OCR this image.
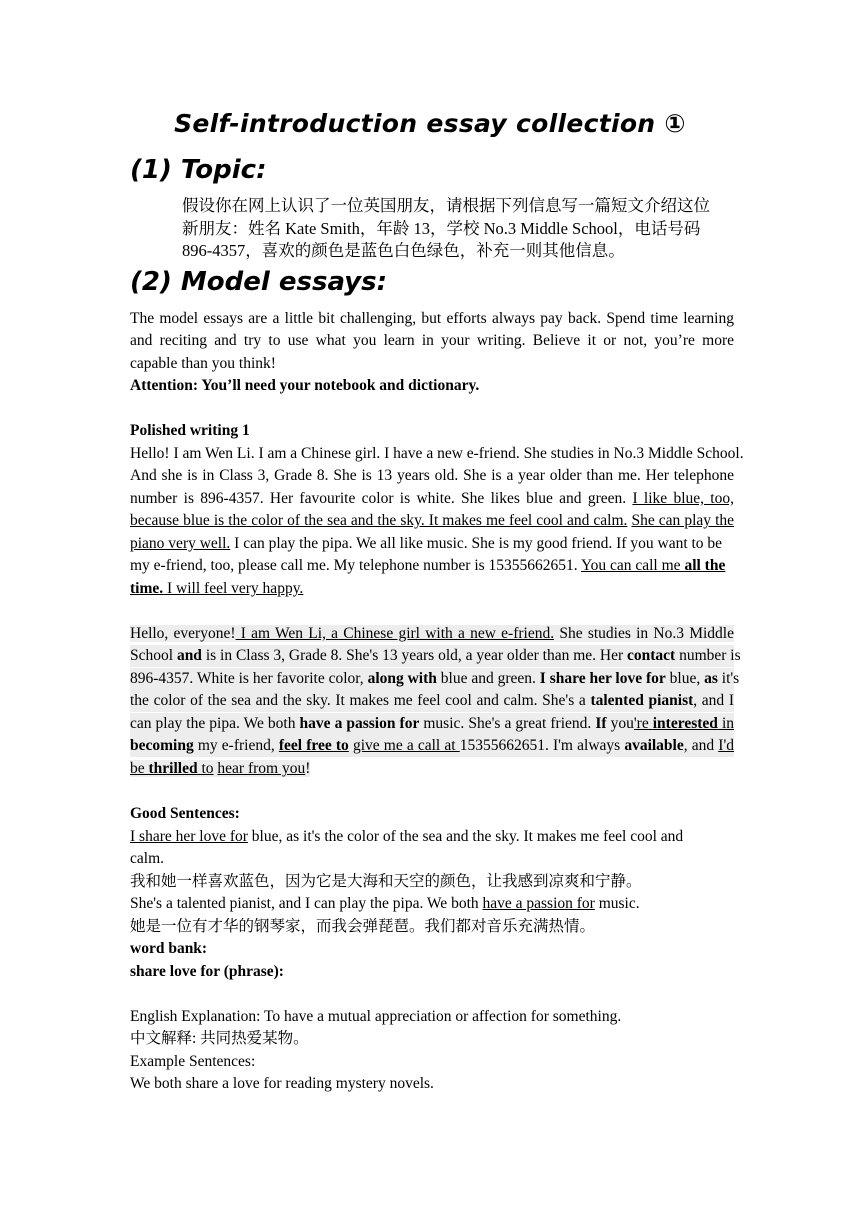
Self-introduction essay collection ①
(1) Topic:
假设你在网上认识了一位英国朋友，请根据下列信息写一篇短文介绍这位
新朋友：姓名 Kate Smith，年龄 13，学校 No.3 Middle School，电话号码
896-4357，喜欢的颜色是蓝色白色绿色，补充一则其他信息。
(2) Model essays:
The model essays are a little bit challenging, but efforts always pay back. Spend time learning
and reciting and try to use what you learn in your writing. Believe it or not, you’re more
capable than you think!
Attention: You’ll need your notebook and dictionary.
Polished writing 1
Hello! I am Wen Li. I am a Chinese girl. I have a new e-friend. She studies in No.3 Middle School.
And she is in Class 3, Grade 8. She is 13 years old. She is a year older than me. Her telephone
number is 896-4357. Her favourite color is white. She likes blue and green. I like blue, too,
because blue is the color of the sea and the sky. It makes me feel cool and calm. She can play the
piano very well. I can play the pipa. We all like music. She is my good friend. If you want to be
my e-friend, too, please call me. My telephone number is 15355662651. You can call me all the
time. I will feel very happy.
Hello, everyone! I am Wen Li, a Chinese girl with a new e-friend. She studies in No.3 Middle
School and is in Class 3, Grade 8. She's 13 years old, a year older than me. Her contact number is
896-4357. White is her favorite color, along with blue and green. I share her love for blue, as it's
the color of the sea and the sky. It makes me feel cool and calm. She's a talented pianist, and I
can play the pipa. We both have a passion for music. She's a great friend. If you're interested in
becoming my e-friend, feel free to give me a call at 15355662651. I'm always available, and I'd
be thrilled to hear from you!
Good Sentences:
I share her love for blue, as it's the color of the sea and the sky. It makes me feel cool and
calm.
我和她一样喜欢蓝色，因为它是大海和天空的颜色，让我感到凉爽和宁静。
She's a talented pianist, and I can play the pipa. We both have a passion for music.
她是一位有才华的钢琴家，而我会弹琵琶。我们都对音乐充满热情。
word bank:
share love for (phrase):
English Explanation: To have a mutual appreciation or affection for something.
中文解释: 共同热爱某物。
Example Sentences:
We both share a love for reading mystery novels.
